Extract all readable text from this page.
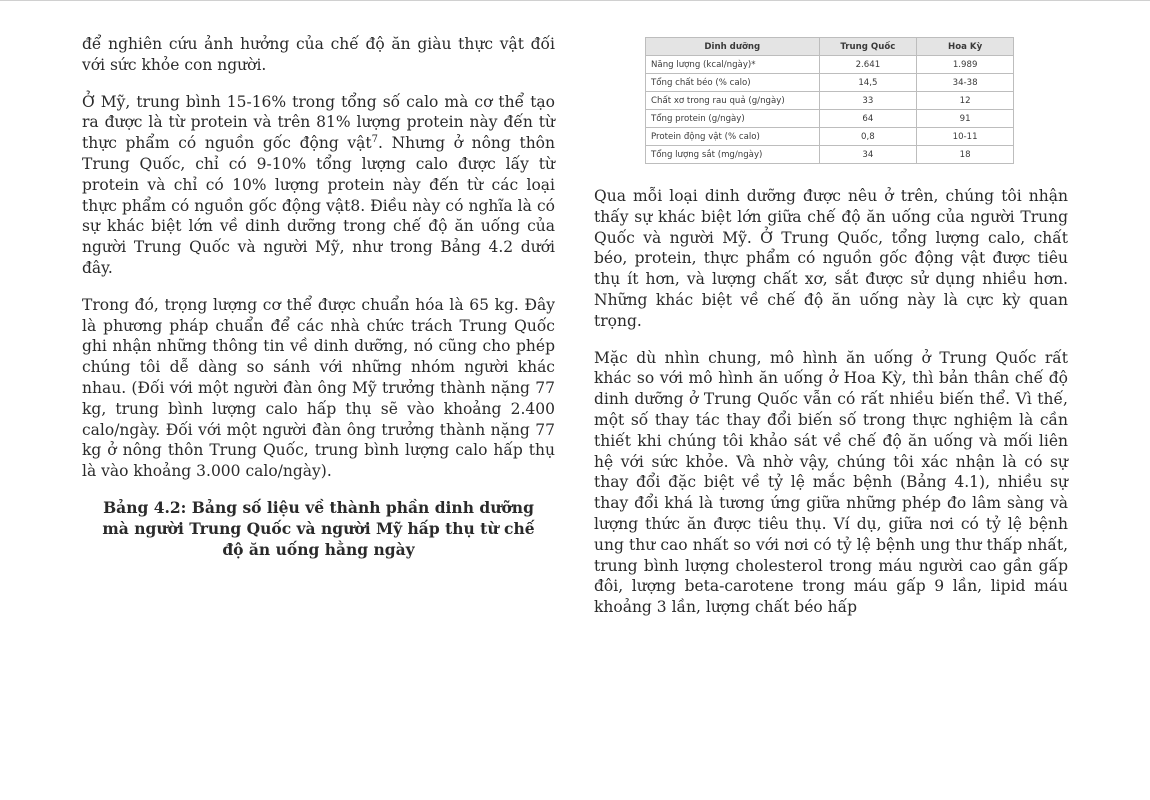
để nghiên cứu ảnh hưởng của chế độ ăn giàu thực vật đối với sức khỏe con người.

Ở Mỹ, trung bình 15-16% trong tổng số calo mà cơ thể tạo ra được là từ protein và trên 81% lượng protein này đến từ thực phẩm có nguồn gốc động vật$^7$. Nhưng ở nông thôn Trung Quốc, chỉ có 9-10% tổng lượng calo được lấy từ protein và chỉ có 10% lượng protein này đến từ các loại thực phẩm có nguồn gốc động vật8. Điều này có nghĩa là có sự khác biệt lớn về dinh dưỡng trong chế độ ăn uống của người Trung Quốc và người Mỹ, như trong Bảng 4.2 dưới đây.

Trong đó, trọng lượng cơ thể được chuẩn hóa là 65 kg. Đây là phương pháp chuẩn để các nhà chức trách Trung Quốc ghi nhận những thông tin về dinh dưỡng, nó cũng cho phép chúng tôi dễ dàng so sánh với những nhóm người khác nhau. (Đối với một người đàn ông Mỹ trưởng thành nặng 77 kg, trung bình lượng calo hấp thụ sẽ vào khoảng 2.400 calo/ngày. Đối với một người đàn ông trưởng thành nặng 77 kg ở nông thôn Trung Quốc, trung bình lượng calo hấp thụ là vào khoảng 3.000 calo/ngày).

Bảng 4.2: Bảng số liệu về thành phần dinh dưỡng mà người Trung Quốc và người Mỹ hấp thụ từ chế độ ăn uống hằng ngày

Dinh dưỡng	Trung Quốc	Hoa Kỳ
Năng lượng (kcal/ngày)*	2.641	1.989
Tổng chất béo (% calo)	14,5	34-38
Chất xơ trong rau quả (g/ngày)	33	12
Tổng protein (g/ngày)	64	91
Protein động vật (% calo)	0,8	10-11
Tổng lượng sắt (mg/ngày)	34	18

Qua mỗi loại dinh dưỡng được nêu ở trên, chúng tôi nhận thấy sự khác biệt lớn giữa chế độ ăn uống của người Trung Quốc và người Mỹ. Ở Trung Quốc, tổng lượng calo, chất béo, protein, thực phẩm có nguồn gốc động vật được tiêu thụ ít hơn, và lượng chất xơ, sắt được sử dụng nhiều hơn. Những khác biệt về chế độ ăn uống này là cực kỳ quan trọng.

Mặc dù nhìn chung, mô hình ăn uống ở Trung Quốc rất khác so với mô hình ăn uống ở Hoa Kỳ, thì bản thân chế độ dinh dưỡng ở Trung Quốc vẫn có rất nhiều biến thể. Vì thế, một số thay tác thay đổi biến số trong thực nghiệm là cần thiết khi chúng tôi khảo sát về chế độ ăn uống và mối liên hệ với sức khỏe. Và nhờ vậy, chúng tôi xác nhận là có sự thay đổi đặc biệt về tỷ lệ mắc bệnh (Bảng 4.1), nhiều sự thay đổi khá là tương ứng giữa những phép đo lâm sàng và lượng thức ăn được tiêu thụ. Ví dụ, giữa nơi có tỷ lệ bệnh ung thư cao nhất so với nơi có tỷ lệ bệnh ung thư thấp nhất, trung bình lượng cholesterol trong máu người cao gần gấp đôi, lượng beta-carotene trong máu gấp 9 lần, lipid máu khoảng 3 lần, lượng chất béo hấp
